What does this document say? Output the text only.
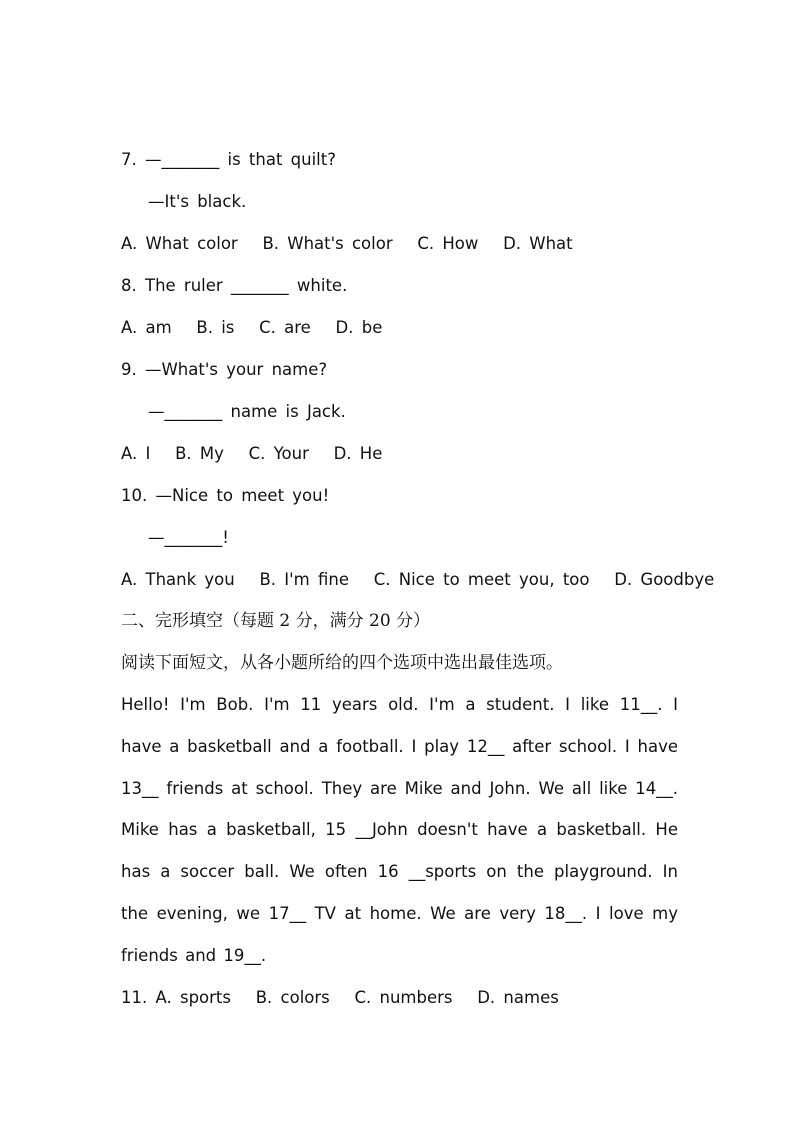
7. —_______ is that quilt?
—It's black.
A. What color   B. What's color   C. How   D. What
8. The ruler _______ white.
A. am   B. is   C. are   D. be
9. —What's your name?
—_______ name is Jack.
A. I   B. My   C. Your   D. He
10. —Nice to meet you!
—_______!
A. Thank you   B. I'm fine   C. Nice to meet you, too   D. Goodbye
二、完形填空（每题 2 分，满分 20 分）
阅读下面短文，从各小题所给的四个选项中选出最佳选项。
Hello! I'm Bob. I'm 11 years old. I'm a student. I like 11__. I have a basketball and a football. I play 12__ after school. I have 13__ friends at school. They are Mike and John. We all like 14__. Mike has a basketball, 15 __John doesn't have a basketball. He has a soccer ball. We often 16 __sports on the playground. In the evening, we 17__ TV at home. We are very 18__. I love my friends and 19__.
11. A. sports   B. colors   C. numbers   D. names
